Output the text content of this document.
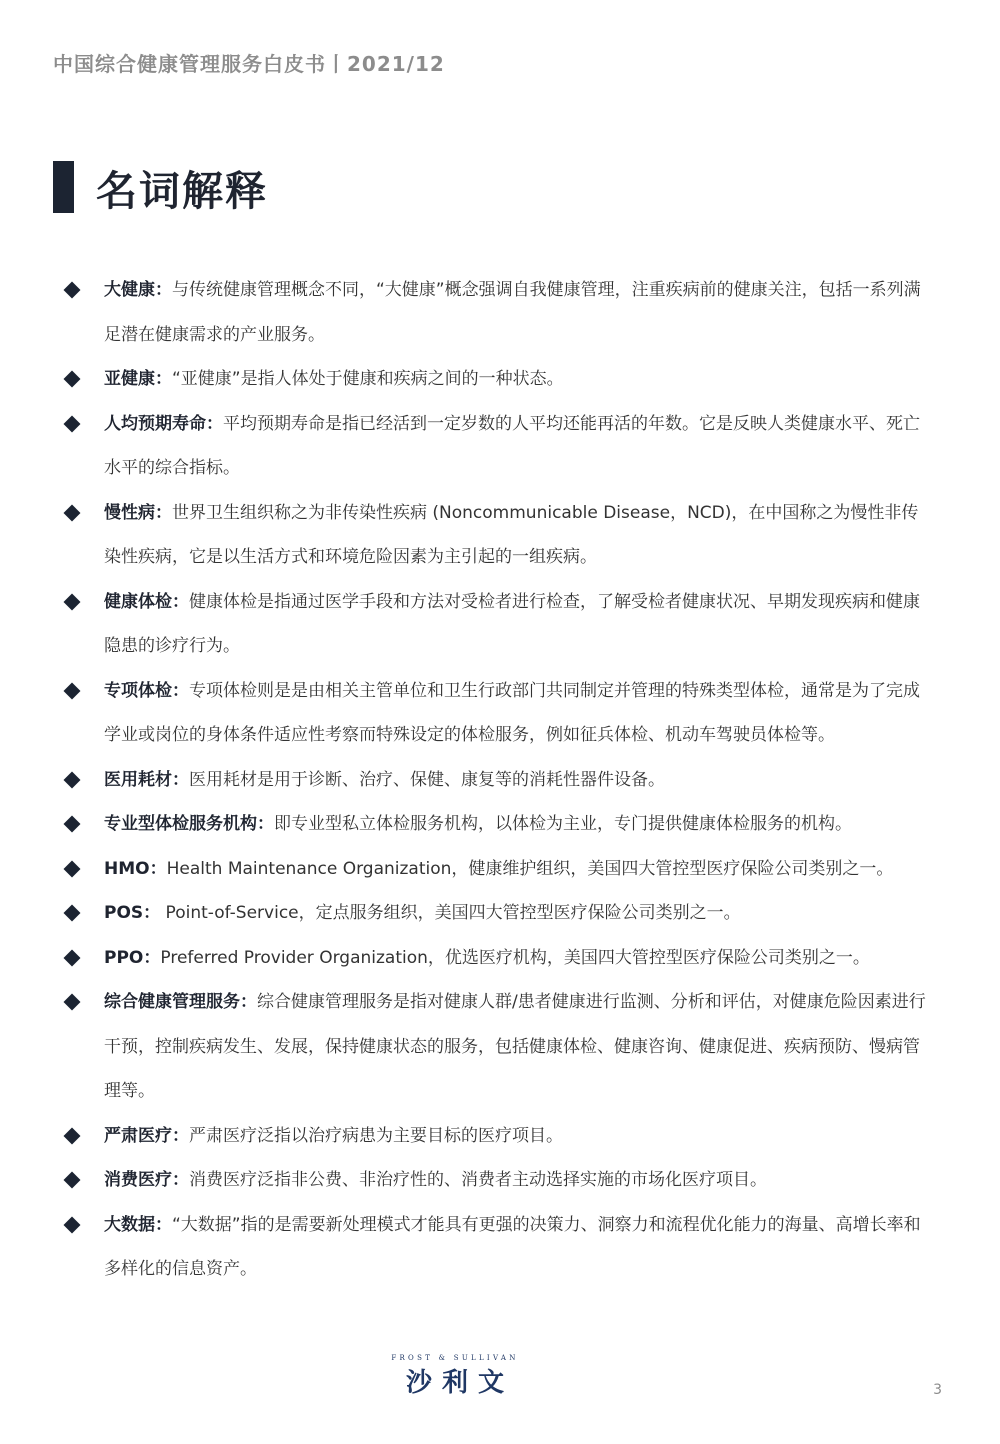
中国综合健康管理服务白皮书丨2021/12
名词解释
大健康：与传统健康管理概念不同，“大健康”概念强调自我健康管理，注重疾病前的健康关注，包括一系列满足潜在健康需求的产业服务。
亚健康：“亚健康”是指人体处于健康和疾病之间的一种状态。
人均预期寿命：平均预期寿命是指已经活到一定岁数的人平均还能再活的年数。它是反映人类健康水平、死亡水平的综合指标。
慢性病：世界卫生组织称之为非传染性疾病 (Noncommunicable Disease，NCD)，在中国称之为慢性非传染性疾病，它是以生活方式和环境危险因素为主引起的一组疾病。
健康体检：健康体检是指通过医学手段和方法对受检者进行检查，了解受检者健康状况、早期发现疾病和健康隐患的诊疗行为。
专项体检：专项体检则是是由相关主管单位和卫生行政部门共同制定并管理的特殊类型体检，通常是为了完成学业或岗位的身体条件适应性考察而特殊设定的体检服务，例如征兵体检、机动车驾驶员体检等。
医用耗材：医用耗材是用于诊断、治疗、保健、康复等的消耗性器件设备。
专业型体检服务机构：即专业型私立体检服务机构，以体检为主业，专门提供健康体检服务的机构。
HMO：Health Maintenance Organization，健康维护组织，美国四大管控型医疗保险公司类别之一。
POS： Point-of-Service，定点服务组织，美国四大管控型医疗保险公司类别之一。
PPO：Preferred Provider Organization，优选医疗机构，美国四大管控型医疗保险公司类别之一。
综合健康管理服务：综合健康管理服务是指对健康人群/患者健康进行监测、分析和评估，对健康危险因素进行干预，控制疾病发生、发展，保持健康状态的服务，包括健康体检、健康咨询、健康促进、疾病预防、慢病管理等。
严肃医疗：严肃医疗泛指以治疗病患为主要目标的医疗项目。
消费医疗：消费医疗泛指非公费、非治疗性的、消费者主动选择实施的市场化医疗项目。
大数据：“大数据”指的是需要新处理模式才能具有更强的决策力、洞察力和流程优化能力的海量、高增长率和多样化的信息资产。
FROST & SULLIVAN
沙利文	3
